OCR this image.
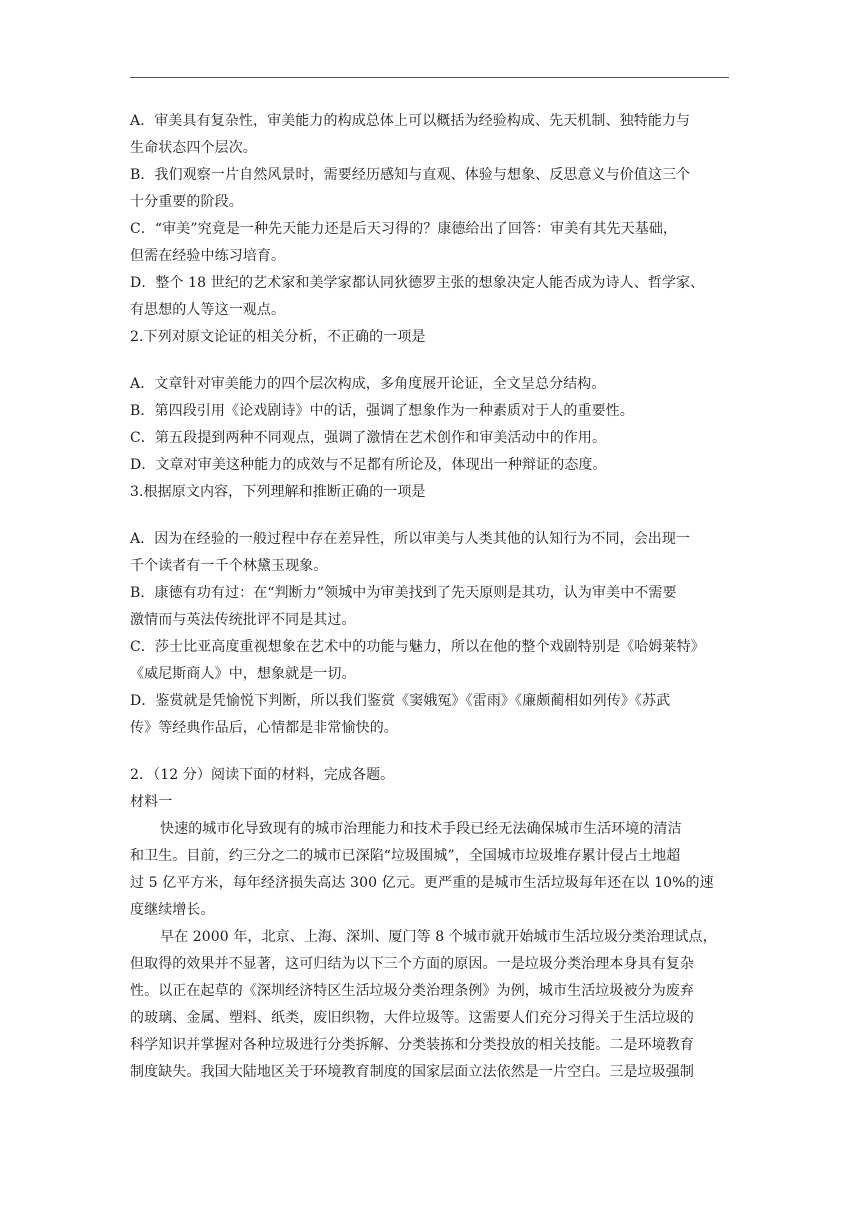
A．审美具有复杂性，审美能力的构成总体上可以概括为经验构成、先天机制、独特能力与
生命状态四个层次。
B．我们观察一片自然风景时，需要经历感知与直观、体验与想象、反思意义与价值这三个
十分重要的阶段。
C．“审美”究竟是一种先天能力还是后天习得的？康德给出了回答：审美有其先天基础，
但需在经验中练习培育。
D．整个 18 世纪的艺术家和美学家都认同狄德罗主张的想象决定人能否成为诗人、哲学家、
有思想的人等这一观点。
2.下列对原文论证的相关分析，不正确的一项是
A．文章针对审美能力的四个层次构成，多角度展开论证，全文呈总分结构。
B．第四段引用《论戏剧诗》中的话，强调了想象作为一种素质对于人的重要性。
C．第五段提到两种不同观点，强调了激情在艺术创作和审美活动中的作用。
D．文章对审美这种能力的成效与不足都有所论及，体现出一种辩证的态度。
3.根据原文内容，下列理解和推断正确的一项是
A．因为在经验的一般过程中存在差异性，所以审美与人类其他的认知行为不同，会出现一
千个读者有一千个林黛玉现象。
B．康德有功有过：在“判断力”领城中为审美找到了先天原则是其功，认为审美中不需要
激情而与英法传统批评不同是其过。
C．莎士比亚高度重视想象在艺术中的功能与魅力，所以在他的整个戏剧特别是《哈姆莱特》
《威尼斯商人》中，想象就是一切。
D．鉴赏就是凭愉悦下判断，所以我们鉴赏《窦娥冤》《雷雨》《廉颇蔺相如列传》《苏武
传》等经典作品后，心情都是非常愉快的。
2．（12 分）阅读下面的材料，完成各题。
材料一
快速的城市化导致现有的城市治理能力和技术手段已经无法确保城市生活环境的清洁
和卫生。目前，约三分之二的城市已深陷“垃圾围城”，全国城市垃圾堆存累计侵占土地超
过 5 亿平方米，每年经济损失高达 300 亿元。更严重的是城市生活垃圾每年还在以 10%的速
度继续增长。
早在 2000 年，北京、上海、深圳、厦门等 8 个城市就开始城市生活垃圾分类治理试点，
但取得的效果并不显著，这可归结为以下三个方面的原因。一是垃圾分类治理本身具有复杂
性。以正在起草的《深圳经济特区生活垃圾分类治理条例》为例，城市生活垃圾被分为废弃
的玻璃、金属、塑料、纸类，废旧织物，大件垃圾等。这需要人们充分习得关于生活垃圾的
科学知识并掌握对各种垃圾进行分类拆解、分类装拣和分类投放的相关技能。二是环境教育
制度缺失。我国大陆地区关于环境教育制度的国家层面立法依然是一片空白。三是垃圾强制
